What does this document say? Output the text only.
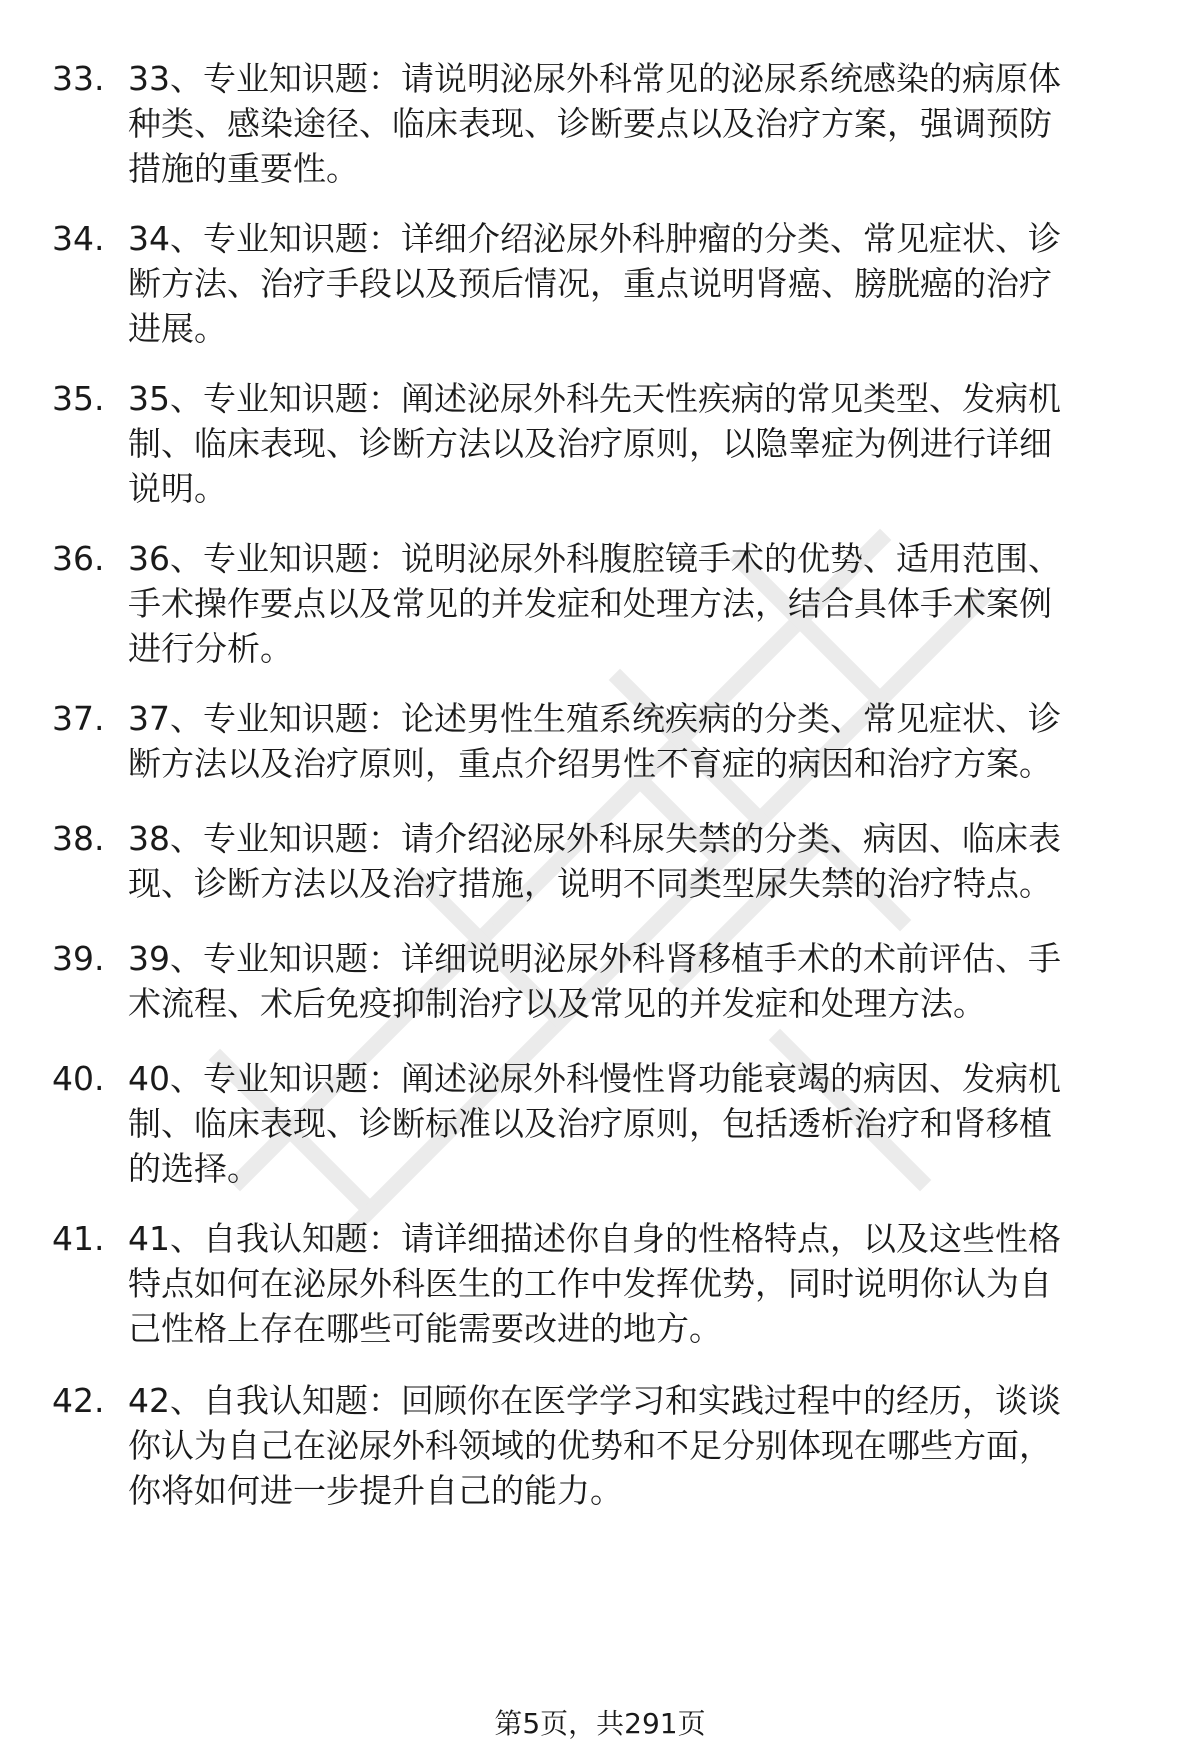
33. 33、专业知识题：请说明泌尿外科常见的泌尿系统感染的病原体
种类、感染途径、临床表现、诊断要点以及治疗方案，强调预防
措施的重要性。
34. 34、专业知识题：详细介绍泌尿外科肿瘤的分类、常见症状、诊
断方法、治疗手段以及预后情况，重点说明肾癌、膀胱癌的治疗
进展。
35. 35、专业知识题：阐述泌尿外科先天性疾病的常见类型、发病机
制、临床表现、诊断方法以及治疗原则，以隐睾症为例进行详细
说明。
36. 36、专业知识题：说明泌尿外科腹腔镜手术的优势、适用范围、
手术操作要点以及常见的并发症和处理方法，结合具体手术案例
进行分析。
37. 37、专业知识题：论述男性生殖系统疾病的分类、常见症状、诊
断方法以及治疗原则，重点介绍男性不育症的病因和治疗方案。
38. 38、专业知识题：请介绍泌尿外科尿失禁的分类、病因、临床表
现、诊断方法以及治疗措施，说明不同类型尿失禁的治疗特点。
39. 39、专业知识题：详细说明泌尿外科肾移植手术的术前评估、手
术流程、术后免疫抑制治疗以及常见的并发症和处理方法。
40. 40、专业知识题：阐述泌尿外科慢性肾功能衰竭的病因、发病机
制、临床表现、诊断标准以及治疗原则，包括透析治疗和肾移植
的选择。
41. 41、自我认知题：请详细描述你自身的性格特点，以及这些性格
特点如何在泌尿外科医生的工作中发挥优势，同时说明你认为自
己性格上存在哪些可能需要改进的地方。
42. 42、自我认知题：回顾你在医学学习和实践过程中的经历，谈谈
你认为自己在泌尿外科领域的优势和不足分别体现在哪些方面，
你将如何进一步提升自己的能力。
第5页，共291页
